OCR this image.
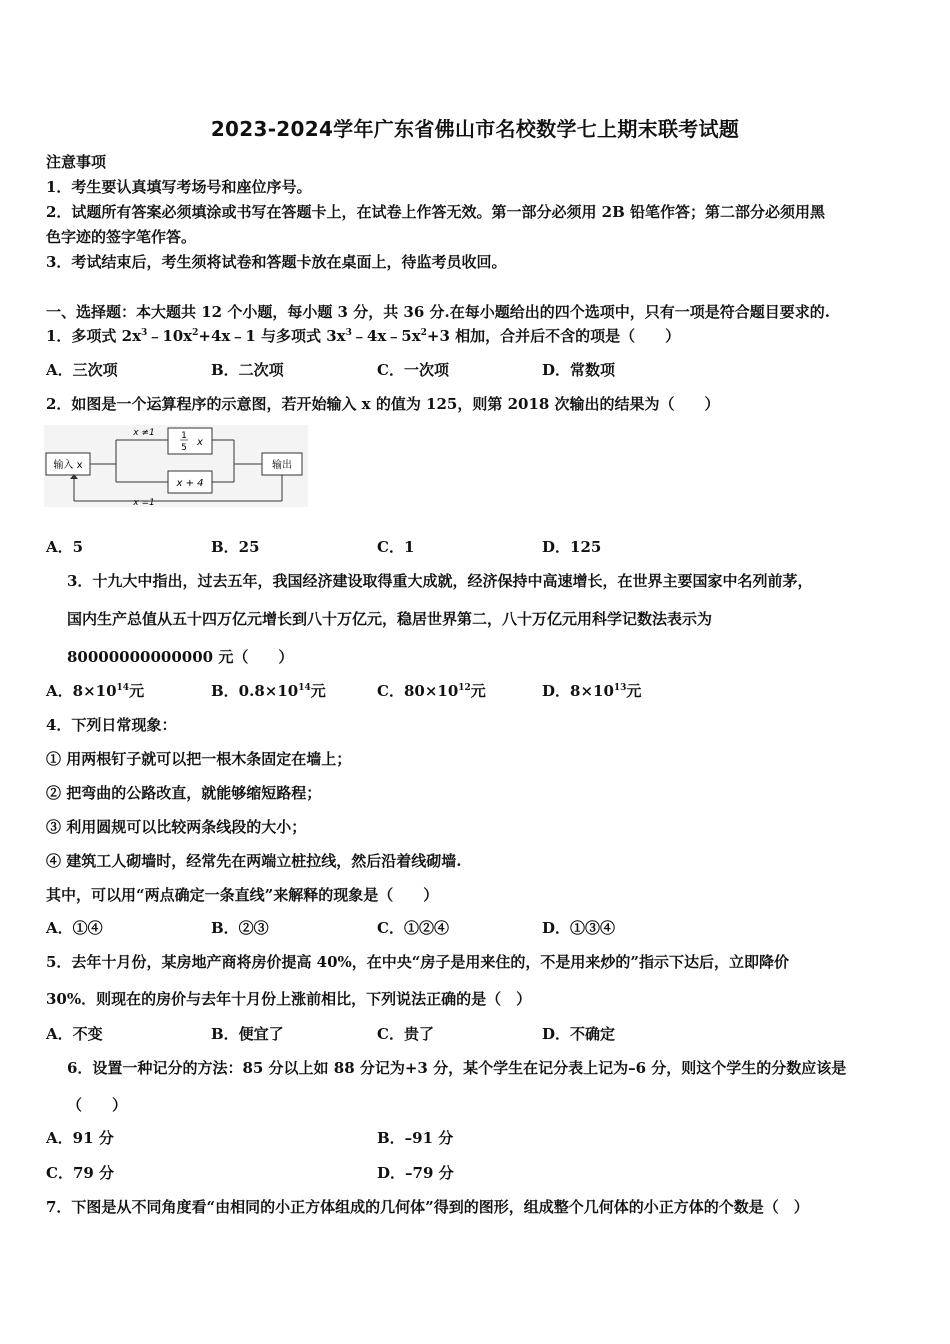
2023-2024学年广东省佛山市名校数学七上期末联考试题
注意事项
1．考生要认真填写考场号和座位序号。
2．试题所有答案必须填涂或书写在答题卡上，在试卷上作答无效。第一部分必须用 2B 铅笔作答；第二部分必须用黑
色字迹的签字笔作答。
3．考试结束后，考生须将试卷和答题卡放在桌面上，待监考员收回。
一、选择题：本大题共 12 个小题，每小题 3 分，共 36 分.在每小题给出的四个选项中，只有一项是符合题目要求的.
1．多项式 $2x^3﹣10x^2+4x﹣1$ 与多项式 $3x^3﹣4x﹣5x^2+3$ 相加，合并后不含的项是（　　）
A．三次项	B．二次项	C．一次项	D．常数项
2．如图是一个运算程序的示意图，若开始输入 x 的值为 125，则第 2018 次输出的结果为（　　）
输入 x
1
5 x
x + 4
x ≠1
x =1
输出
A．5	B．25	C．1	D．125
3．十九大中指出，过去五年，我国经济建设取得重大成就，经济保持中高速增长，在世界主要国家中名列前茅，
国内生产总值从五十四万亿元增长到八十万亿元，稳居世界第二，八十万亿元用科学记数法表示为
80000000000000 元（　　）
A．$8\times 10^{14}$元	B．$0.8\times 10^{14}$元	C．$80\times 10^{12}$元	D．$8\times 10^{13}$元
4．下列日常现象：
① 用两根钉子就可以把一根木条固定在墙上；
② 把弯曲的公路改直，就能够缩短路程；
③ 利用圆规可以比较两条线段的大小；
④ 建筑工人砌墙时，经常先在两端立桩拉线，然后沿着线砌墙.
其中，可以用“两点确定一条直线”来解释的现象是（　　）
A．①④	B．②③	C．①②④	D．①③④
5．去年十月份，某房地产商将房价提高 40%，在中央“房子是用来住的，不是用来炒的”指示下达后，立即降价
30%．则现在的房价与去年十月份上涨前相比，下列说法正确的是（　）
A．不变	B．便宜了	C．贵了	D．不确定
6．设置一种记分的方法：85 分以上如 88 分记为+3 分，某个学生在记分表上记为–6 分，则这个学生的分数应该是
（　　）
A．91 分	B．–91 分
C．79 分	D．–79 分
7．下图是从不同角度看“由相同的小正方体组成的几何体”得到的图形，组成整个几何体的小正方体的个数是（　）
